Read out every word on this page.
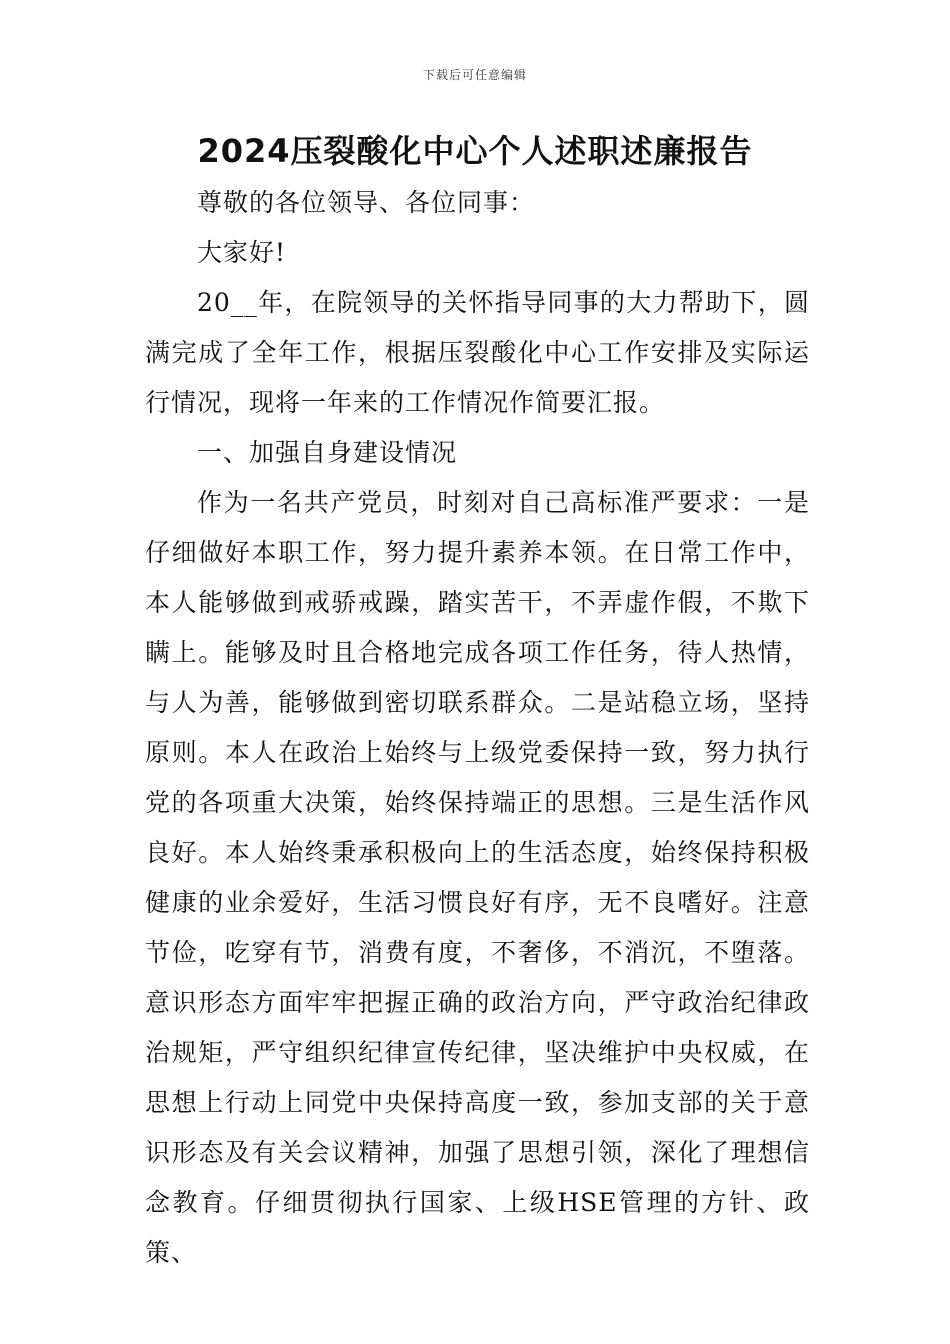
下载后可任意编辑
2024压裂酸化中心个人述职述廉报告

尊敬的各位领导、各位同事：

大家好!

20__年，在院领导的关怀指导同事的大力帮助下，圆满完成了全年工作，根据压裂酸化中心工作安排及实际运行情况，现将一年来的工作情况作简要汇报。

一、加强自身建设情况

作为一名共产党员，时刻对自己高标准严要求：一是仔细做好本职工作，努力提升素养本领。在日常工作中，本人能够做到戒骄戒躁，踏实苦干，不弄虚作假，不欺下瞒上。能够及时且合格地完成各项工作任务，待人热情，与人为善，能够做到密切联系群众。二是站稳立场，坚持原则。本人在政治上始终与上级党委保持一致，努力执行党的各项重大决策，始终保持端正的思想。三是生活作风良好。本人始终秉承积极向上的生活态度，始终保持积极健康的业余爱好，生活习惯良好有序，无不良嗜好。注意节俭，吃穿有节，消费有度，不奢侈，不消沉，不堕落。意识形态方面牢牢把握正确的政治方向，严守政治纪律政治规矩，严守组织纪律宣传纪律，坚决维护中央权威，在思想上行动上同党中央保持高度一致，参加支部的关于意识形态及有关会议精神，加强了思想引领，深化了理想信念教育。仔细贯彻执行国家、上级HSE管理的方针、政策、
